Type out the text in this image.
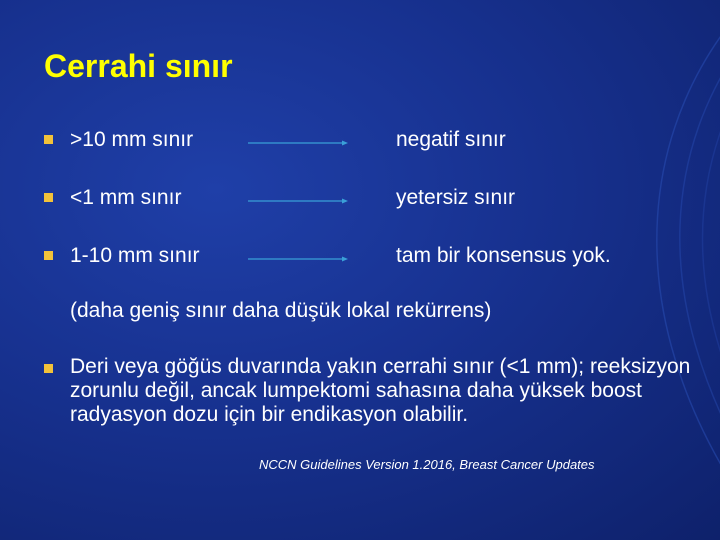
Cerrahi sınır
>10 mm sınır	negatif sınır
<1 mm sınır	yetersiz sınır
1-10 mm sınır	tam bir konsensus yok.
(daha geniş sınır daha düşük lokal rekürrens)
Deri veya göğüs duvarında yakın cerrahi sınır (<1 mm); reeksizyon zorunlu değil, ancak lumpektomi sahasına daha yüksek boost radyasyon dozu için bir endikasyon olabilir.
NCCN Guidelines Version 1.2016, Breast Cancer Updates
